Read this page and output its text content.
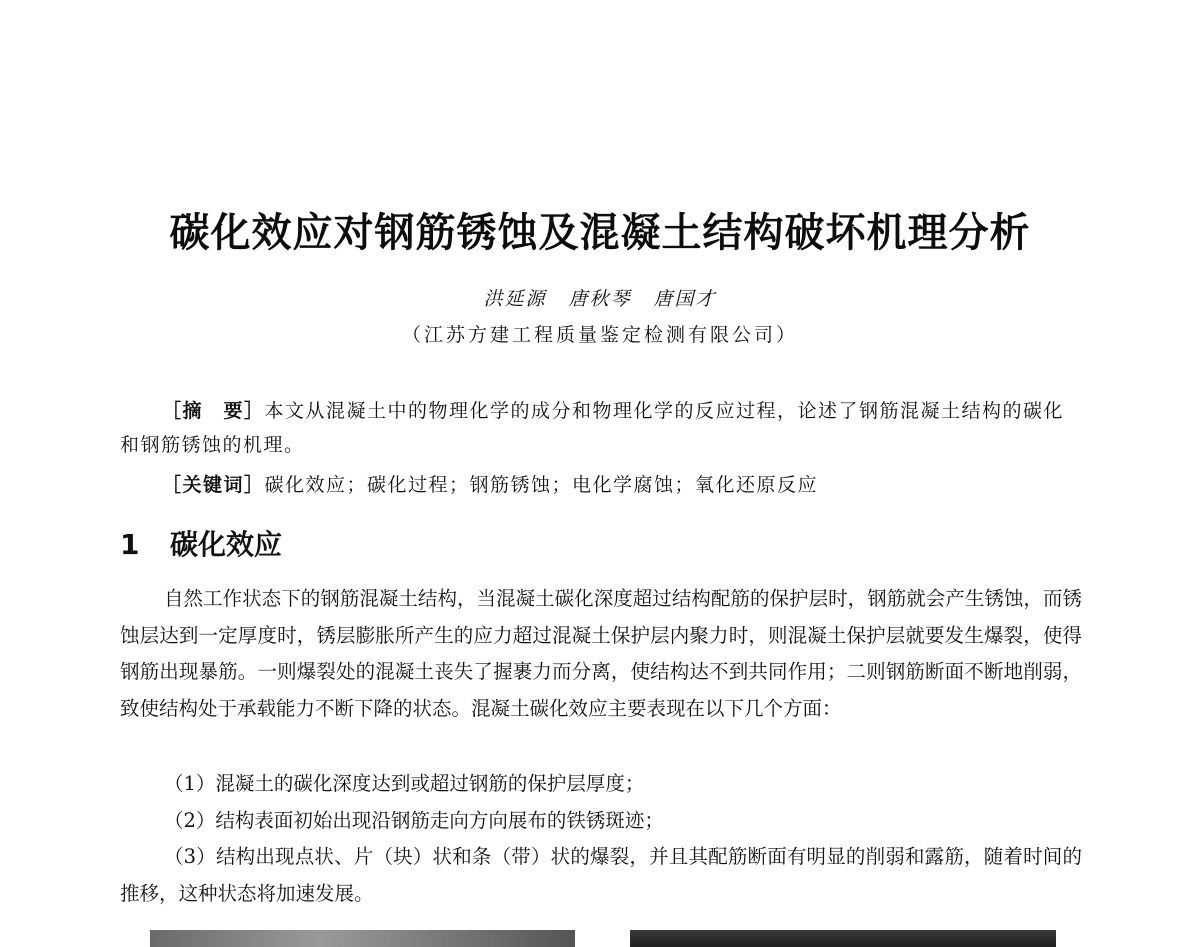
碳化效应对钢筋锈蚀及混凝土结构破坏机理分析
洪延源 唐秋琴 唐国才
（江苏方建工程质量鉴定检测有限公司）

［摘　要］本文从混凝土中的物理化学的成分和物理化学的反应过程，论述了钢筋混凝土结构的碳化和钢筋锈蚀的机理。

［关键词］碳化效应；碳化过程；钢筋锈蚀；电化学腐蚀；氧化还原反应

1 碳化效应

自然工作状态下的钢筋混凝土结构，当混凝土碳化深度超过结构配筋的保护层时，钢筋就会产生锈蚀，而锈蚀层达到一定厚度时，锈层膨胀所产生的应力超过混凝土保护层内聚力时，则混凝土保护层就要发生爆裂，使得钢筋出现暴筋。一则爆裂处的混凝土丧失了握裹力而分离，使结构达不到共同作用；二则钢筋断面不断地削弱，致使结构处于承载能力不断下降的状态。混凝土碳化效应主要表现在以下几个方面：

（1）混凝土的碳化深度达到或超过钢筋的保护层厚度；
（2）结构表面初始出现沿钢筋走向方向展布的铁锈斑迹；
（3）结构出现点状、片（块）状和条（带）状的爆裂，并且其配筋断面有明显的削弱和露筋，随着时间的推移，这种状态将加速发展。
